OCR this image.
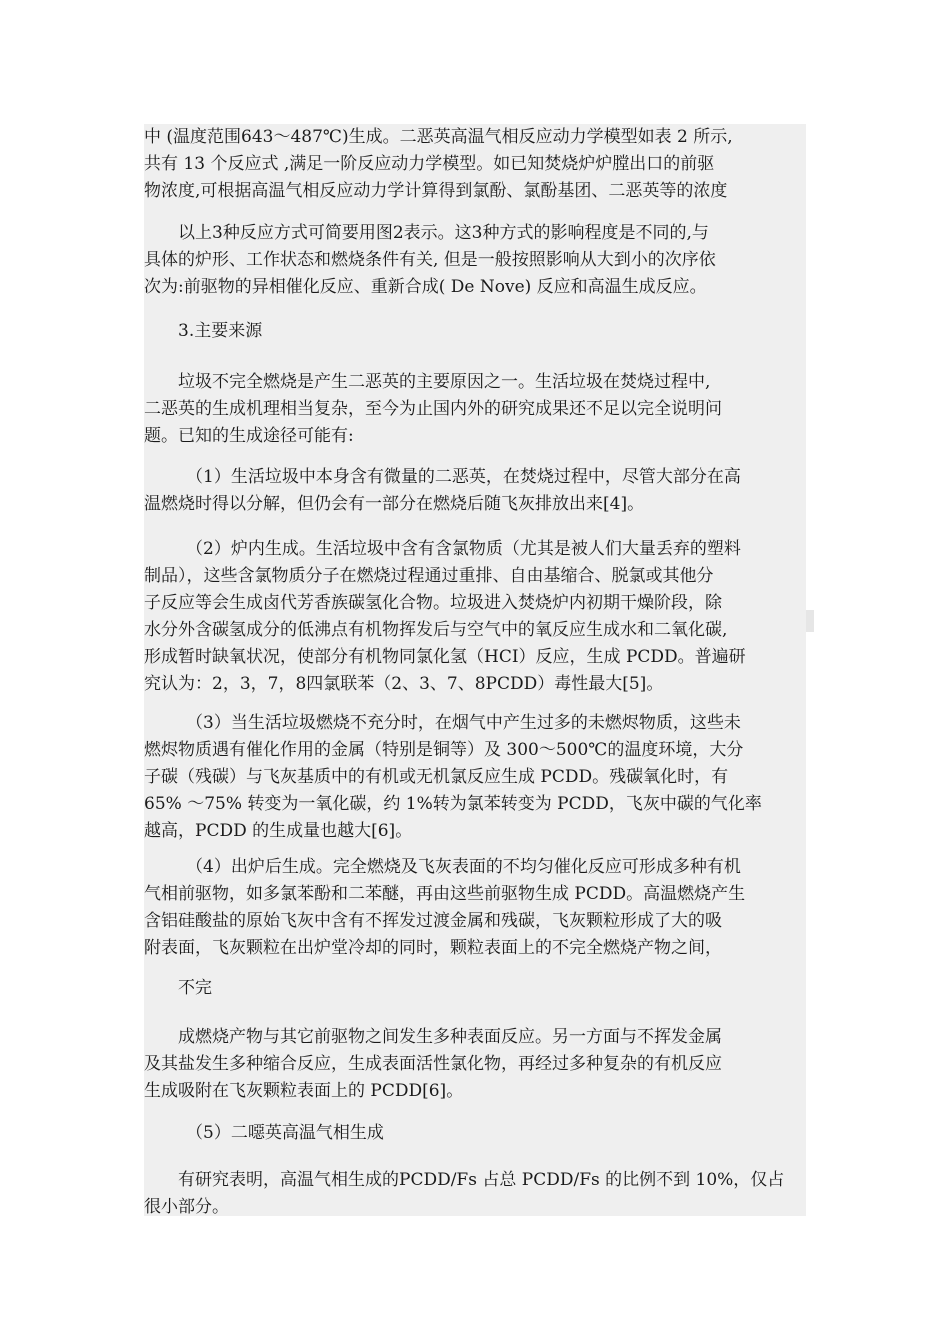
中 (温度范围643～487℃)生成。二恶英高温气相反应动力学模型如表 2 所示,
共有 13 个反应式 ,满足一阶反应动力学模型。如已知焚烧炉炉膛出口的前驱
物浓度,可根据高温气相反应动力学计算得到氯酚、氯酚基团、二恶英等的浓度
以上3种反应方式可简要用图2表示。这3种方式的影响程度是不同的,与
具体的炉形、工作状态和燃烧条件有关, 但是一般按照影响从大到小的次序依
次为:前驱物的异相催化反应、重新合成( De Nove) 反应和高温生成反应。
3.主要来源
垃圾不完全燃烧是产生二恶英的主要原因之一。生活垃圾在焚烧过程中,
二恶英的生成机理相当复杂，至今为止国内外的研究成果还不足以完全说明问
题。已知的生成途径可能有:
（1）生活垃圾中本身含有微量的二恶英，在焚烧过程中，尽管大部分在高
温燃烧时得以分解，但仍会有一部分在燃烧后随飞灰排放出来[4]。
（2）炉内生成。生活垃圾中含有含氯物质（尤其是被人们大量丢弃的塑料
制品），这些含氯物质分子在燃烧过程通过重排、自由基缩合、脱氯或其他分
子反应等会生成卤代芳香族碳氢化合物。垃圾进入焚烧炉内初期干燥阶段，除
水分外含碳氢成分的低沸点有机物挥发后与空气中的氧反应生成水和二氧化碳,
形成暂时缺氧状况，使部分有机物同氯化氢（HCI）反应，生成 PCDD。普遍研
究认为：2，3，7，8四氯联苯（2、3、7、8PCDD）毒性最大[5]。
（3）当生活垃圾燃烧不充分时，在烟气中产生过多的未燃烬物质，这些未
燃烬物质遇有催化作用的金属（特别是铜等）及 300～500℃的温度环境，大分
子碳（残碳）与飞灰基质中的有机或无机氯反应生成 PCDD。残碳氧化时，有
65% ～75% 转变为一氧化碳，约 1%转为氯苯转变为 PCDD，飞灰中碳的气化率
越高，PCDD 的生成量也越大[6]。
（4）出炉后生成。完全燃烧及飞灰表面的不均匀催化反应可形成多种有机
气相前驱物，如多氯苯酚和二苯醚，再由这些前驱物生成 PCDD。高温燃烧产生
含铝硅酸盐的原始飞灰中含有不挥发过渡金属和残碳，飞灰颗粒形成了大的吸
附表面，飞灰颗粒在出炉堂冷却的同时，颗粒表面上的不完全燃烧产物之间，
不完
成燃烧产物与其它前驱物之间发生多种表面反应。另一方面与不挥发金属
及其盐发生多种缩合反应，生成表面活性氯化物，再经过多种复杂的有机反应
生成吸附在飞灰颗粒表面上的 PCDD[6]。
（5）二噁英高温气相生成
有研究表明，高温气相生成的PCDD/Fs 占总 PCDD/Fs 的比例不到 10%，仅占
很小部分。
